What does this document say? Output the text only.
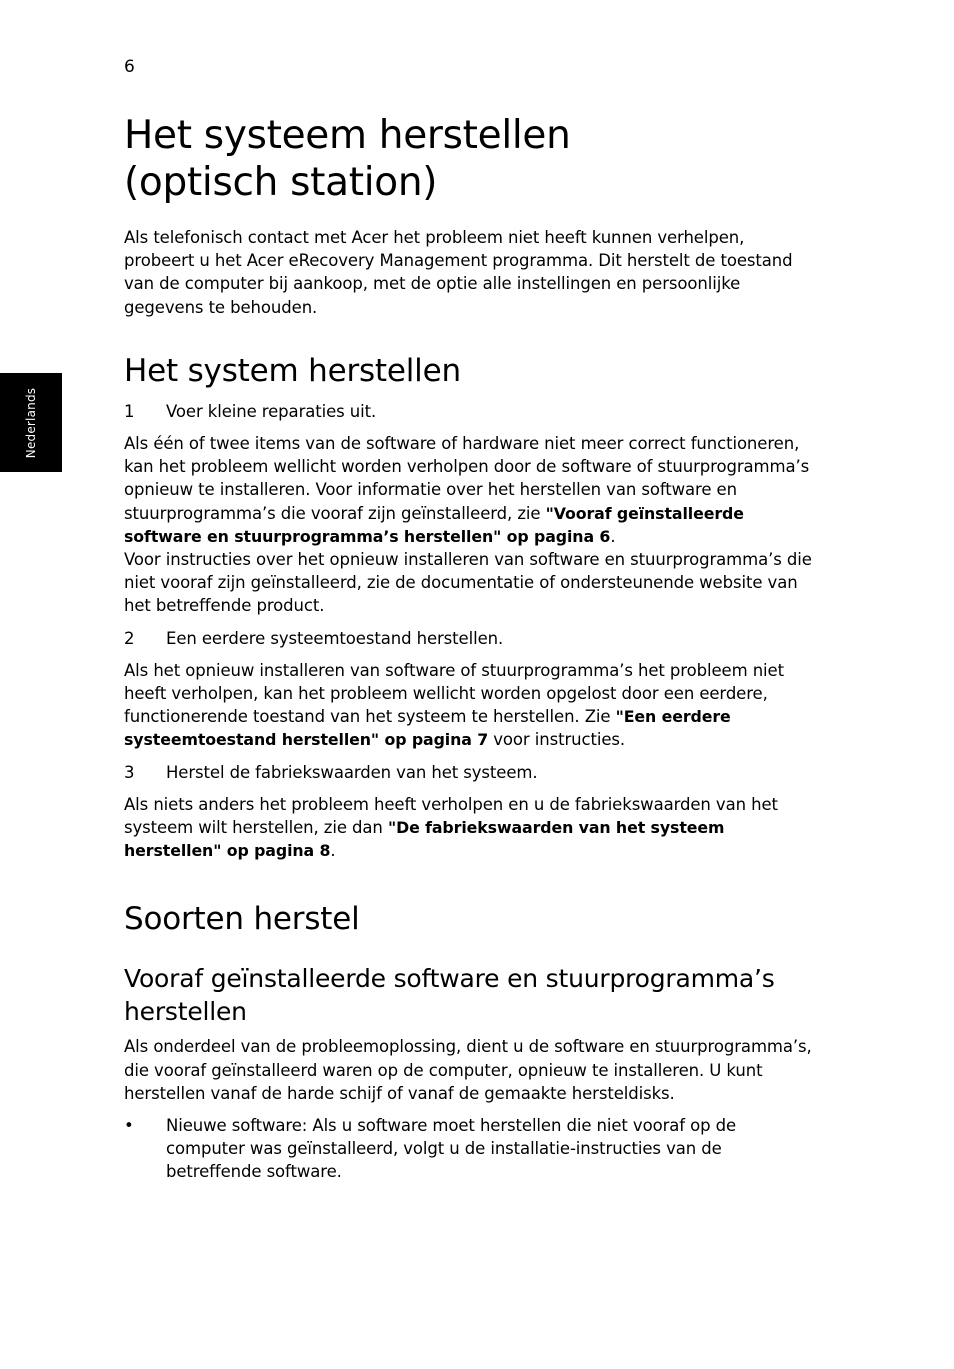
6
Nederlands
Het systeem herstellen
(optisch station)

Als telefonisch contact met Acer het probleem niet heeft kunnen verhelpen, probeert u het Acer eRecovery Management programma. Dit herstelt de toestand van de computer bij aankoop, met de optie alle instellingen en persoonlijke gegevens te behouden.

Het system herstellen

1 Voer kleine reparaties uit.

Als één of twee items van de software of hardware niet meer correct functioneren, kan het probleem wellicht worden verholpen door de software of stuurprogramma’s opnieuw te installeren. Voor informatie over het herstellen van software en stuurprogramma’s die vooraf zijn geïnstalleerd, zie "Vooraf geïnstalleerde software en stuurprogramma’s herstellen" op pagina 6.

Voor instructies over het opnieuw installeren van software en stuurprogramma’s die niet vooraf zijn geïnstalleerd, zie de documentatie of ondersteunende website van het betreffende product.

2 Een eerdere systeemtoestand herstellen.

Als het opnieuw installeren van software of stuurprogramma’s het probleem niet heeft verholpen, kan het probleem wellicht worden opgelost door een eerdere, functionerende toestand van het systeem te herstellen. Zie "Een eerdere systeemtoestand herstellen" op pagina 7 voor instructies.

3 Herstel de fabriekswaarden van het systeem.

Als niets anders het probleem heeft verholpen en u de fabriekswaarden van het systeem wilt herstellen, zie dan "De fabriekswaarden van het systeem herstellen" op pagina 8.

Soorten herstel
Vooraf geïnstalleerde software en stuurprogramma’s herstellen

Als onderdeel van de probleemoplossing, dient u de software en stuurprogramma’s, die vooraf geïnstalleerd waren op de computer, opnieuw te installeren. U kunt herstellen vanaf de harde schijf of vanaf de gemaakte hersteldisks.

• Nieuwe software: Als u software moet herstellen die niet vooraf op de computer was geïnstalleerd, volgt u de installatie-instructies van de betreffende software.
